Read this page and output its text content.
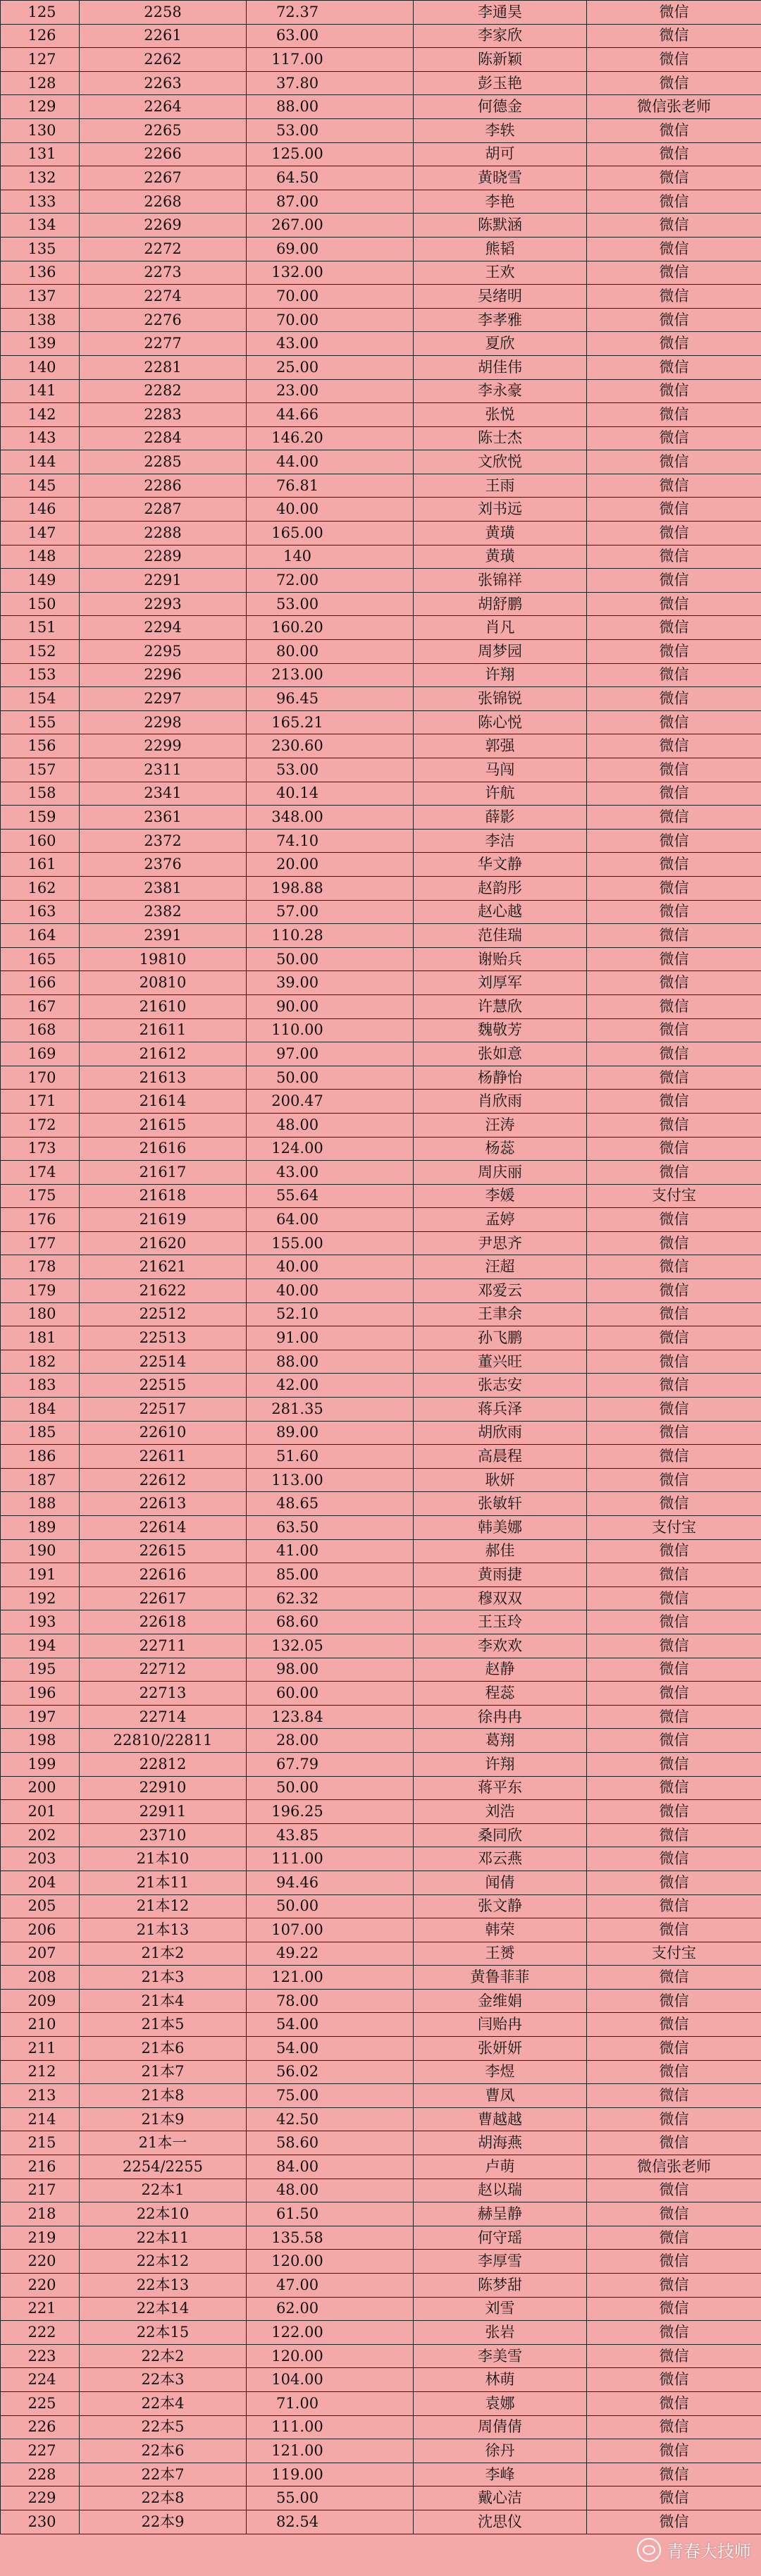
125	2258	72.37	李通昊	微信
126	2261	63.00	李家欣	微信
127	2262	117.00	陈新颖	微信
128	2263	37.80	彭玉艳	微信
129	2264	88.00	何德金	微信张老师
130	2265	53.00	李轶	微信
131	2266	125.00	胡可	微信
132	2267	64.50	黄晓雪	微信
133	2268	87.00	李艳	微信
134	2269	267.00	陈默涵	微信
135	2272	69.00	熊韬	微信
136	2273	132.00	王欢	微信
137	2274	70.00	吴绪明	微信
138	2276	70.00	李孝雅	微信
139	2277	43.00	夏欣	微信
140	2281	25.00	胡佳伟	微信
141	2282	23.00	李永豪	微信
142	2283	44.66	张悦	微信
143	2284	146.20	陈士杰	微信
144	2285	44.00	文欣悦	微信
145	2286	76.81	王雨	微信
146	2287	40.00	刘书远	微信
147	2288	165.00	黄璜	微信
148	2289	140	黄璜	微信
149	2291	72.00	张锦祥	微信
150	2293	53.00	胡舒鹏	微信
151	2294	160.20	肖凡	微信
152	2295	80.00	周梦园	微信
153	2296	213.00	许翔	微信
154	2297	96.45	张锦锐	微信
155	2298	165.21	陈心悦	微信
156	2299	230.60	郭强	微信
157	2311	53.00	马闯	微信
158	2341	40.14	许航	微信
159	2361	348.00	薛影	微信
160	2372	74.10	李洁	微信
161	2376	20.00	华文静	微信
162	2381	198.88	赵韵彤	微信
163	2382	57.00	赵心越	微信
164	2391	110.28	范佳瑞	微信
165	19810	50.00	谢贻兵	微信
166	20810	39.00	刘厚军	微信
167	21610	90.00	许慧欣	微信
168	21611	110.00	魏敬芳	微信
169	21612	97.00	张如意	微信
170	21613	50.00	杨静怡	微信
171	21614	200.47	肖欣雨	微信
172	21615	48.00	汪涛	微信
173	21616	124.00	杨蕊	微信
174	21617	43.00	周庆丽	微信
175	21618	55.64	李媛	支付宝
176	21619	64.00	孟婷	微信
177	21620	155.00	尹思齐	微信
178	21621	40.00	汪超	微信
179	21622	40.00	邓爱云	微信
180	22512	52.10	王聿余	微信
181	22513	91.00	孙飞鹏	微信
182	22514	88.00	董兴旺	微信
183	22515	42.00	张志安	微信
184	22517	281.35	蒋兵泽	微信
185	22610	89.00	胡欣雨	微信
186	22611	51.60	高晨程	微信
187	22612	113.00	耿妍	微信
188	22613	48.65	张敏轩	微信
189	22614	63.50	韩美娜	支付宝
190	22615	41.00	郝佳	微信
191	22616	85.00	黄雨捷	微信
192	22617	62.32	穆双双	微信
193	22618	68.60	王玉玲	微信
194	22711	132.05	李欢欢	微信
195	22712	98.00	赵静	微信
196	22713	60.00	程蕊	微信
197	22714	123.84	徐冉冉	微信
198	22810/22811	28.00	葛翔	微信
199	22812	67.79	许翔	微信
200	22910	50.00	蒋平东	微信
201	22911	196.25	刘浩	微信
202	23710	43.85	桑同欣	微信
203	21本10	111.00	邓云燕	微信
204	21本11	94.46	闻倩	微信
205	21本12	50.00	张文静	微信
206	21本13	107.00	韩荣	微信
207	21本2	49.22	王赟	支付宝
208	21本3	121.00	黄鲁菲菲	微信
209	21本4	78.00	金维娟	微信
210	21本5	54.00	闫贻冉	微信
211	21本6	54.00	张妍妍	微信
212	21本7	56.02	李煜	微信
213	21本8	75.00	曹凤	微信
214	21本9	42.50	曹越越	微信
215	21本一	58.60	胡海燕	微信
216	2254/2255	84.00	卢萌	微信张老师
217	22本1	48.00	赵以瑞	微信
218	22本10	61.50	赫呈静	微信
219	22本11	135.58	何守瑶	微信
220	22本12	120.00	李厚雪	微信
220	22本13	47.00	陈梦甜	微信
221	22本14	62.00	刘雪	微信
222	22本15	122.00	张岩	微信
223	22本2	120.00	李美雪	微信
224	22本3	104.00	林萌	微信
225	22本4	71.00	袁娜	微信
226	22本5	111.00	周倩倩	微信
227	22本6	121.00	徐丹	微信
228	22本7	119.00	李峰	微信
229	22本8	55.00	戴心洁	微信
230	22本9	82.54	沈思仪	微信
青春大技师
